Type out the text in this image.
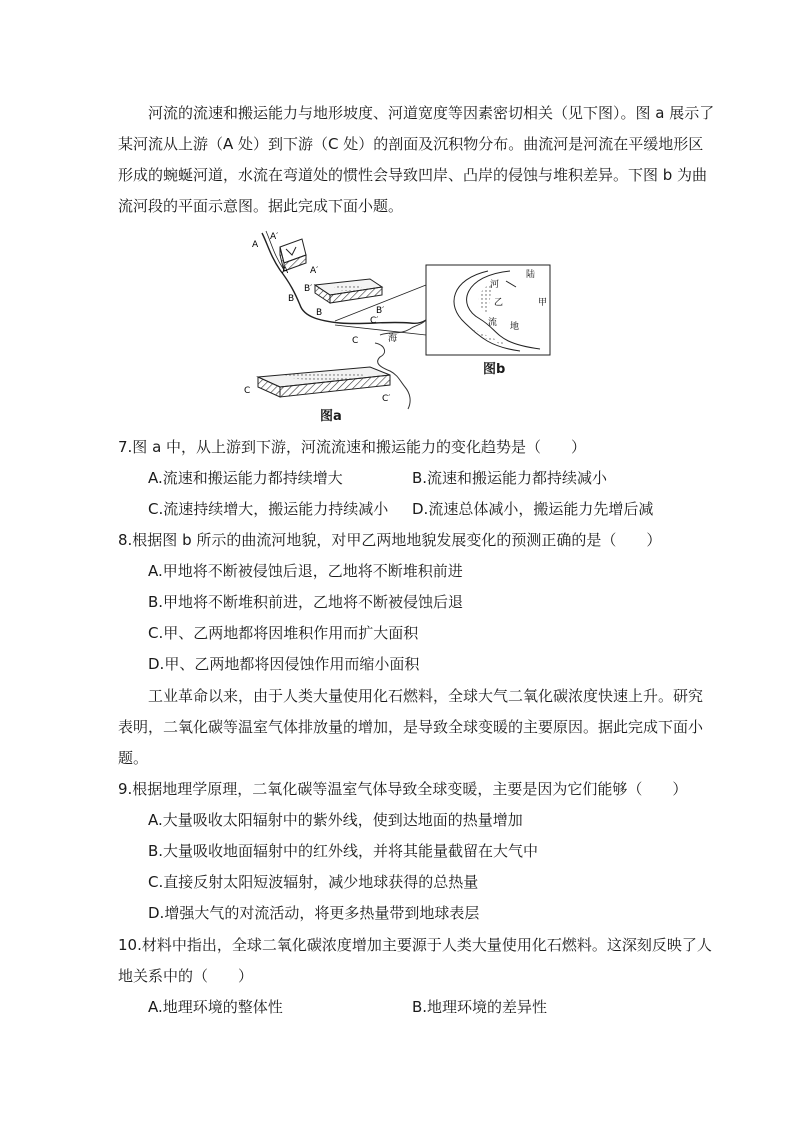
河流的流速和搬运能力与地形坡度、河道宽度等因素密切相关（见下图）。图 a 展示了
某河流从上游（A 处）到下游（C 处）的剖面及沉积物分布。曲流河是河流在平缓地形区
形成的蜿蜒河道，水流在弯道处的惯性会导致凹岸、凸岸的侵蚀与堆积差异。下图 b 为曲
流河段的平面示意图。据此完成下面小题。
A
A′
A A′
B
B′
B	B′
C′
C	海
C
C′
陆
河
乙	甲
流 地
图b
图a
7.图 a 中，从上游到下游，河流流速和搬运能力的变化趋势是（　　）
A.流速和搬运能力都持续增大	B.流速和搬运能力都持续减小
C.流速持续增大，搬运能力持续减小 D.流速总体减小，搬运能力先增后减
8.根据图 b 所示的曲流河地貌，对甲乙两地地貌发展变化的预测正确的是（　　）
A.甲地将不断被侵蚀后退，乙地将不断堆积前进
B.甲地将不断堆积前进，乙地将不断被侵蚀后退
C.甲、乙两地都将因堆积作用而扩大面积
D.甲、乙两地都将因侵蚀作用而缩小面积
工业革命以来，由于人类大量使用化石燃料，全球大气二氧化碳浓度快速上升。研究
表明，二氧化碳等温室气体排放量的增加，是导致全球变暖的主要原因。据此完成下面小
题。
9.根据地理学原理，二氧化碳等温室气体导致全球变暖，主要是因为它们能够（　　）
A.大量吸收太阳辐射中的紫外线，使到达地面的热量增加
B.大量吸收地面辐射中的红外线，并将其能量截留在大气中
C.直接反射太阳短波辐射，减少地球获得的总热量
D.增强大气的对流活动，将更多热量带到地球表层
10.材料中指出，全球二氧化碳浓度增加主要源于人类大量使用化石燃料。这深刻反映了人
地关系中的（　　）
A.地理环境的整体性	B.地理环境的差异性
